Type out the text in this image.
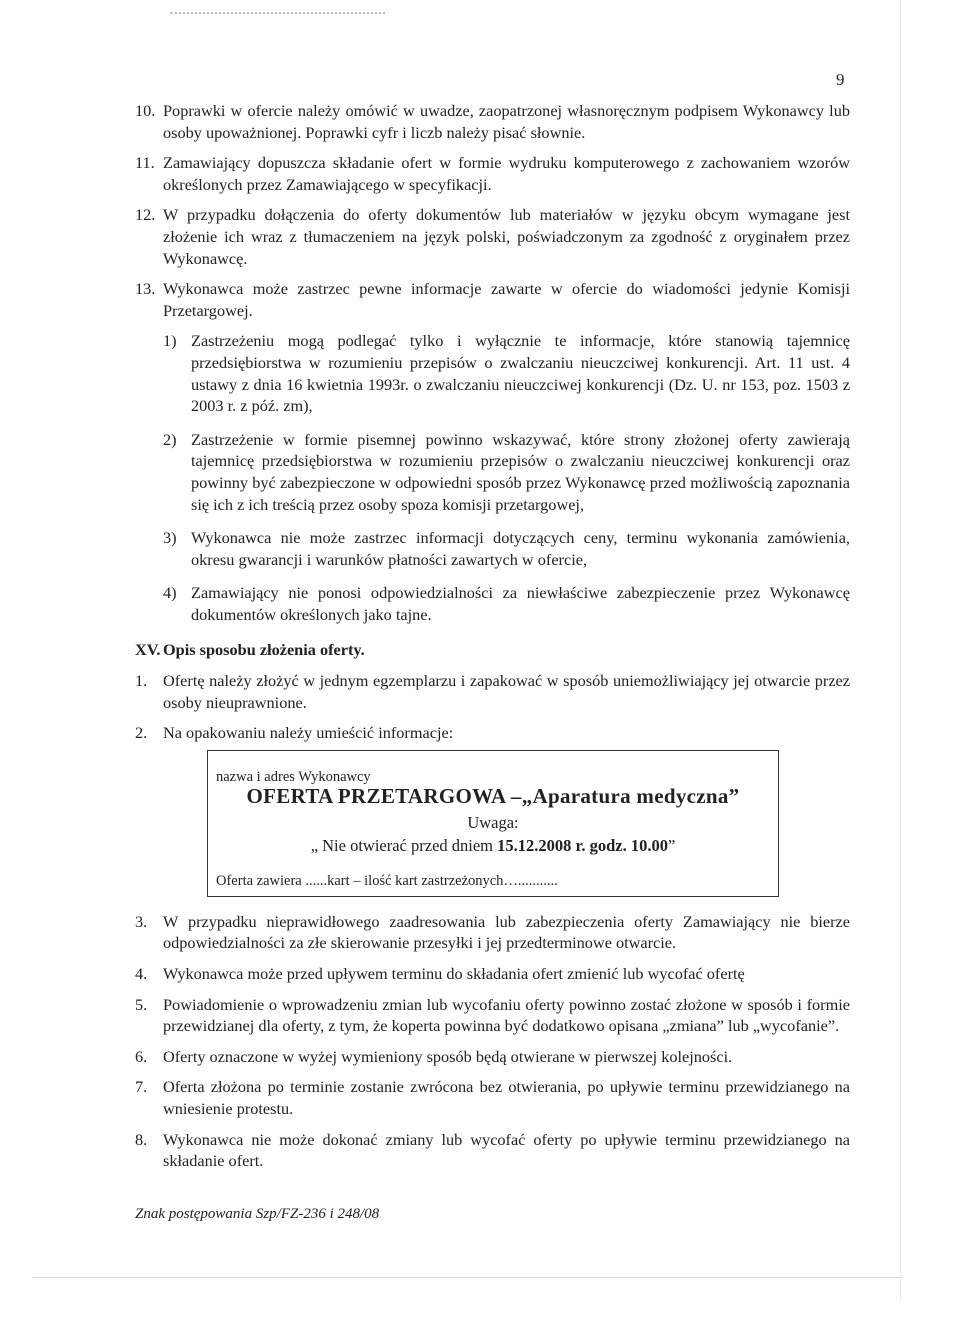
9
10. Poprawki w ofercie należy omówić w uwadze, zaopatrzonej własnoręcznym podpisem Wykonawcy lub osoby upoważnionej. Poprawki cyfr i liczb należy pisać słownie.
11. Zamawiający dopuszcza składanie ofert w formie wydruku komputerowego z zachowaniem wzorów określonych przez Zamawiającego w specyfikacji.
12. W przypadku dołączenia do oferty dokumentów lub materiałów w języku obcym wymagane jest złożenie ich wraz z tłumaczeniem na język polski, poświadczonym za zgodność z oryginałem przez Wykonawcę.
13. Wykonawca może zastrzec pewne informacje zawarte w ofercie do wiadomości jedynie Komisji Przetargowej.
1) Zastrzeżeniu mogą podlegać tylko i wyłącznie te informacje, które stanowią tajemnicę przedsiębiorstwa w rozumieniu przepisów o zwalczaniu nieuczciwej konkurencji. Art. 11 ust. 4 ustawy z dnia 16 kwietnia 1993r. o zwalczaniu nieuczciwej konkurencji (Dz. U. nr 153, poz. 1503 z 2003 r. z póź. zm),
2) Zastrzeżenie w formie pisemnej powinno wskazywać, które strony złożonej oferty zawierają tajemnicę przedsiębiorstwa w rozumieniu przepisów o zwalczaniu nieuczciwej konkurencji oraz powinny być zabezpieczone w odpowiedni sposób przez Wykonawcę przed możliwością zapoznania się ich z ich treścią przez osoby spoza komisji przetargowej,
3) Wykonawca nie może zastrzec informacji dotyczących ceny, terminu wykonania zamówienia, okresu gwarancji i warunków płatności zawartych w ofercie,
4) Zamawiający nie ponosi odpowiedzialności za niewłaściwe zabezpieczenie przez Wykonawcę dokumentów określonych jako tajne.
XV. Opis sposobu złożenia oferty.
1. Ofertę należy złożyć w jednym egzemplarzu i zapakować w sposób uniemożliwiający jej otwarcie przez osoby nieuprawnione.
2. Na opakowaniu należy umieścić informacje:
nazwa i adres Wykonawcy
OFERTA PRZETARGOWA –„Aparatura medyczna”
Uwaga:
„ Nie otwierać przed dniem 15.12.2008 r. godz. 10.00”
Oferta zawiera ......kart – ilość kart zastrzeżonych…...........
3. W przypadku nieprawidłowego zaadresowania lub zabezpieczenia oferty Zamawiający nie bierze odpowiedzialności za złe skierowanie przesyłki i jej przedterminowe otwarcie.
4. Wykonawca może przed upływem terminu do składania ofert zmienić lub wycofać ofertę
5. Powiadomienie o wprowadzeniu zmian lub wycofaniu oferty powinno zostać złożone w sposób i formie przewidzianej dla oferty, z tym, że koperta powinna być dodatkowo opisana „zmiana” lub „wycofanie”.
6. Oferty oznaczone w wyżej wymieniony sposób będą otwierane w pierwszej kolejności.
7. Oferta złożona po terminie zostanie zwrócona bez otwierania, po upływie terminu przewidzianego na wniesienie protestu.
8. Wykonawca nie może dokonać zmiany lub wycofać oferty po upływie terminu przewidzianego na składanie ofert.
Znak postępowania Szp/FZ-236 i 248/08
